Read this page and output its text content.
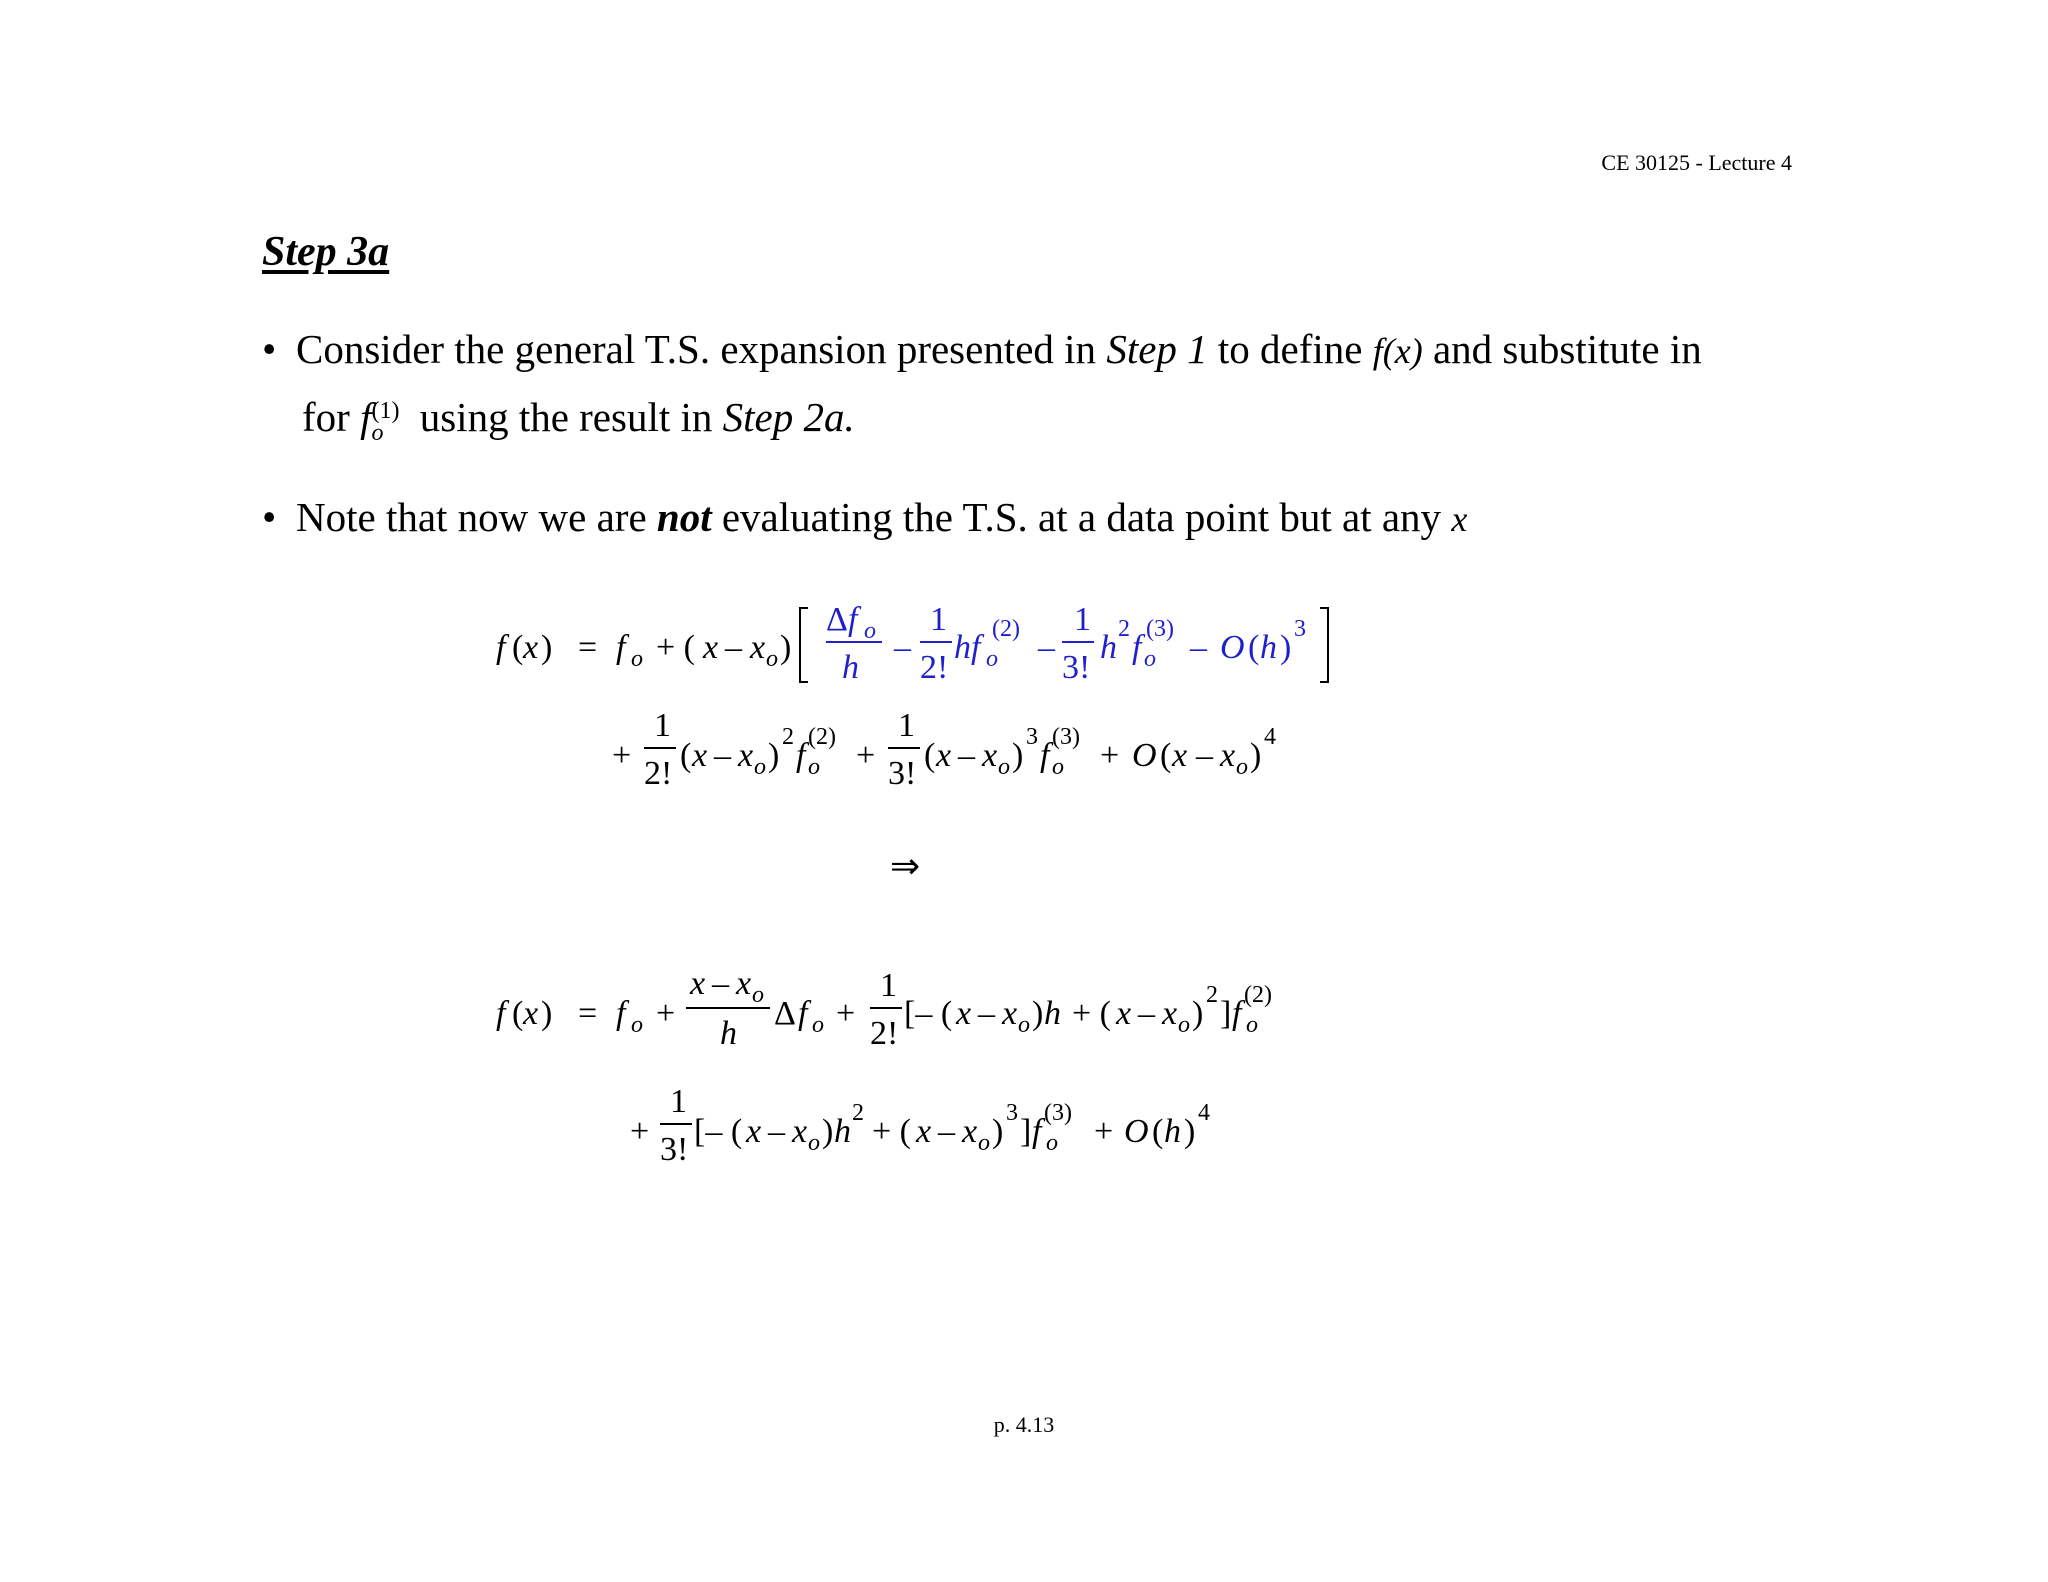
CE 30125 - Lecture 4
Step 3a
• Consider the general T.S. expansion presented in Step 1 to define f(x) and substitute in
for f (1)
o using the result in Step 2a.
• Note that now we are not evaluating the T.S. at a data point but at any x
f ( x ) = f o + ( x – x o )
Δ f o
h
–
1
2!
hf (2)
o –
1
3!
h 2 f (3)
o – O ( h ) 3
+
1
2! ( x – x o ) 2 f (2)
o +
1
3! ( x – x o ) 3 f (3)
o + O ( x – x o ) 4
⇒
f ( x ) = f o +
x – x o
h
Δ f o +
1
2!
[– ( x – x o ) h + ( x – x o ) 2 ] f (2)
o
+
1
3! [– ( x – x o ) h 2 + ( x – x o ) 3 ] f (3)
o + O ( h ) 4
p. 4.13
